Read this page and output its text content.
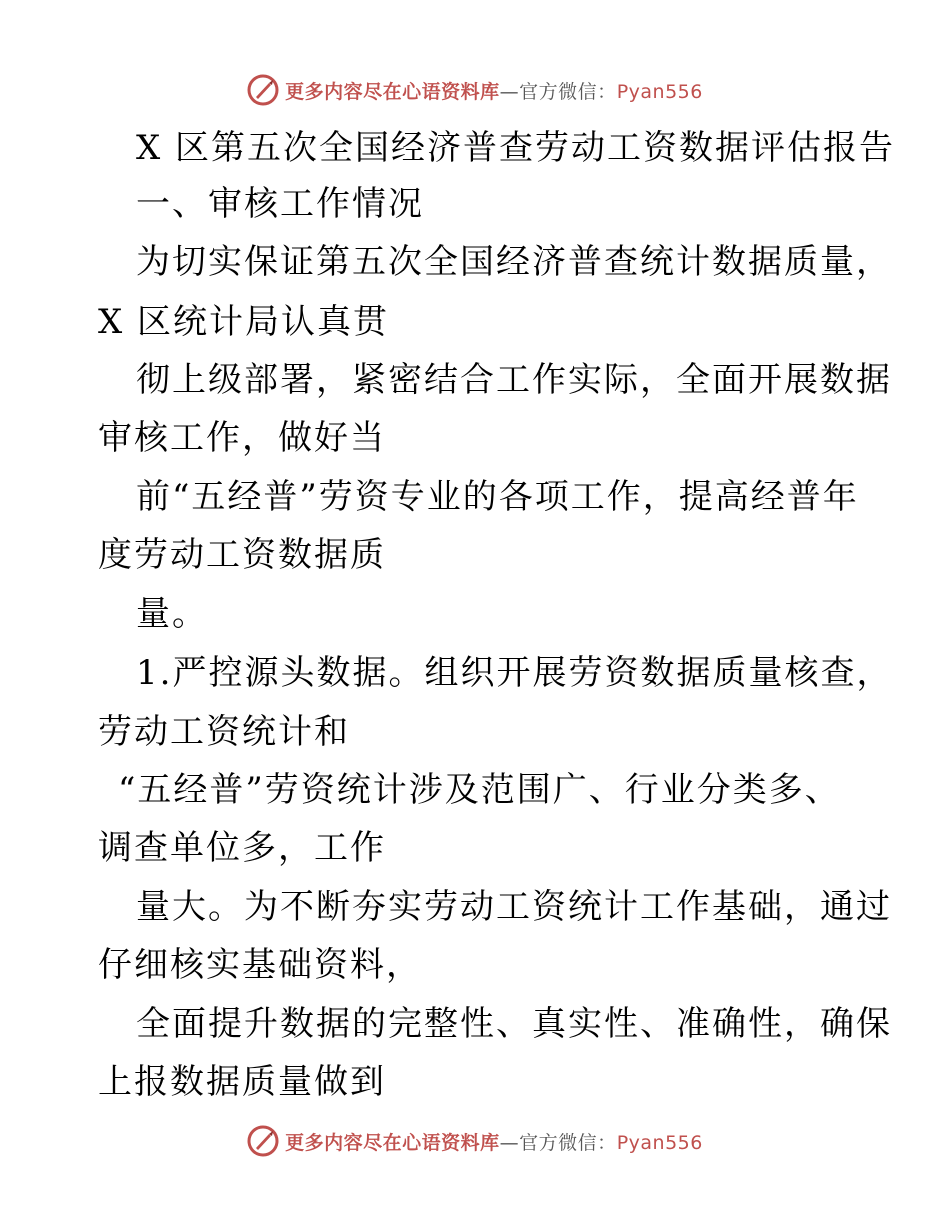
更多内容尽在心语资料库—官方微信：Pyan556
X 区第五次全国经济普查劳动工资数据评估报告
一、审核工作情况
为切实保证第五次全国经济普查统计数据质量，
X 区统计局认真贯
彻上级部署，紧密结合工作实际，全面开展数据
审核工作，做好当
前“五经普”劳资专业的各项工作，提高经普年
度劳动工资数据质
量。
1.严控源头数据。组织开展劳资数据质量核查，
劳动工资统计和
“五经普”劳资统计涉及范围广、行业分类多、
调查单位多，工作
量大。为不断夯实劳动工资统计工作基础，通过
仔细核实基础资料，
全面提升数据的完整性、真实性、准确性，确保
上报数据质量做到
更多内容尽在心语资料库—官方微信：Pyan556
